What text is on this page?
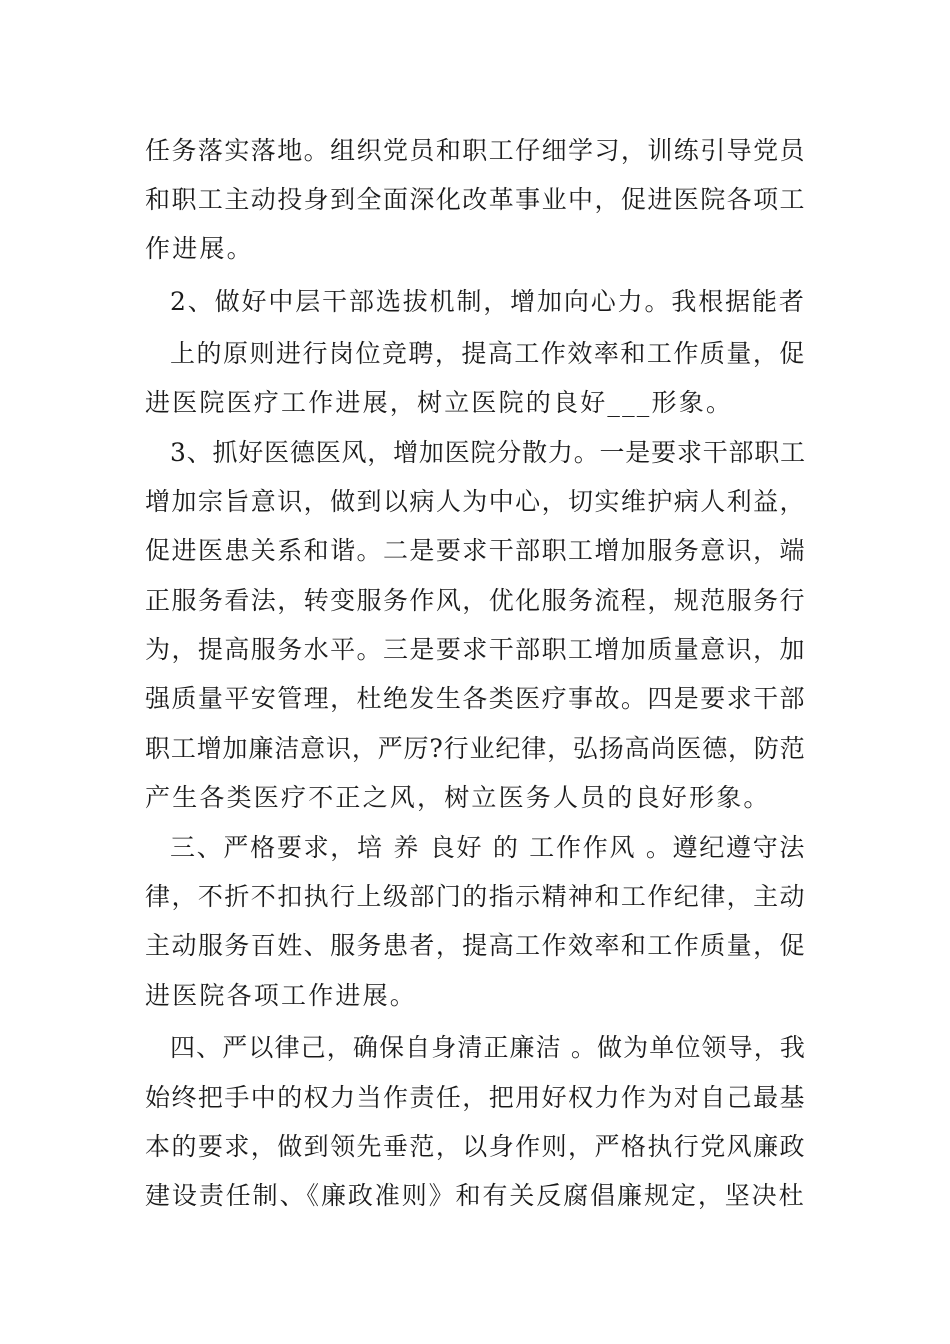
任务落实落地。组织党员和职工仔细学习，训练引导党员
和职工主动投身到全面深化改革事业中，促进医院各项工
作进展。
2、做好中层干部选拔机制，增加向心力。我根据能者
上的原则进行岗位竞聘，提高工作效率和工作质量，促
进医院医疗工作进展，树立医院的良好___形象。
3、抓好医德医风，增加医院分散力。一是要求干部职工
增加宗旨意识，做到以病人为中心，切实维护病人利益，
促进医患关系和谐。二是要求干部职工增加服务意识，端
正服务看法，转变服务作风，优化服务流程，规范服务行
为，提高服务水平。三是要求干部职工增加质量意识，加
强质量平安管理，杜绝发生各类医疗事故。四是要求干部
职工增加廉洁意识，严厉?行业纪律，弘扬高尚医德，防范
产生各类医疗不正之风，树立医务人员的良好形象。
三、严格要求，培 养 良好 的 工作作风 。遵纪遵守法
律，不折不扣执行上级部门的指示精神和工作纪律，主动
主动服务百姓、服务患者，提高工作效率和工作质量，促
进医院各项工作进展。
四、严以律己，确保自身清正廉洁 。做为单位领导，我
始终把手中的权力当作责任，把用好权力作为对自己最基
本的要求，做到领先垂范，以身作则，严格执行党风廉政
建设责任制、《廉政准则》和有关反腐倡廉规定，坚决杜
